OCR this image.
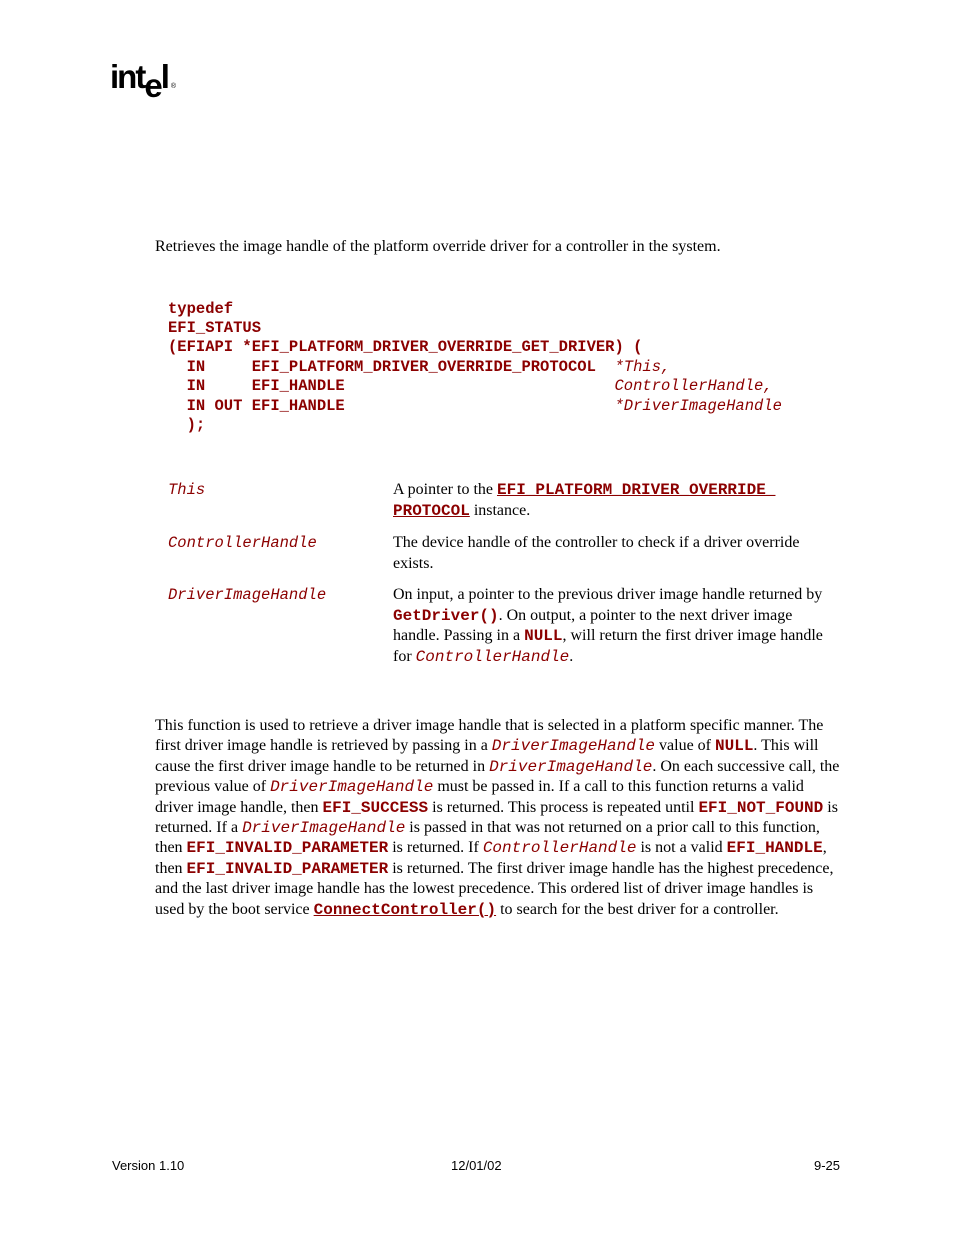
intel ®
Retrieves the image handle of the platform override driver for a controller in the system.
typedef
EFI_STATUS
(EFIAPI *EFI_PLATFORM_DRIVER_OVERRIDE_GET_DRIVER) (
IN     EFI_PLATFORM_DRIVER_OVERRIDE_PROTOCOL  *This,
IN     EFI_HANDLE                             ControllerHandle,
IN OUT EFI_HANDLE                             *DriverImageHandle
);
This	A pointer to the EFI_PLATFORM_DRIVER_OVERRIDE_ PROTOCOL instance.
ControllerHandle	The device handle of the controller to check if a driver override exists.
DriverImageHandle	On input, a pointer to the previous driver image handle returned by GetDriver(). On output, a pointer to the next driver image handle. Passing in a NULL, will return the first driver image handle for ControllerHandle.
This function is used to retrieve a driver image handle that is selected in a platform specific manner. The first driver image handle is retrieved by passing in a DriverImageHandle value of NULL. This will cause the first driver image handle to be returned in DriverImageHandle. On each successive call, the previous value of DriverImageHandle must be passed in. If a call to this function returns a valid driver image handle, then EFI_SUCCESS is returned. This process is repeated until EFI_NOT_FOUND is returned. If a DriverImageHandle is passed in that was not returned on a prior call to this function, then EFI_INVALID_PARAMETER is returned. If ControllerHandle is not a valid EFI_HANDLE, then EFI_INVALID_PARAMETER is returned. The first driver image handle has the highest precedence, and the last driver image handle has the lowest precedence. This ordered list of driver image handles is used by the boot service ConnectController() to search for the best driver for a controller.
Version 1.10	12/01/02	9-25
